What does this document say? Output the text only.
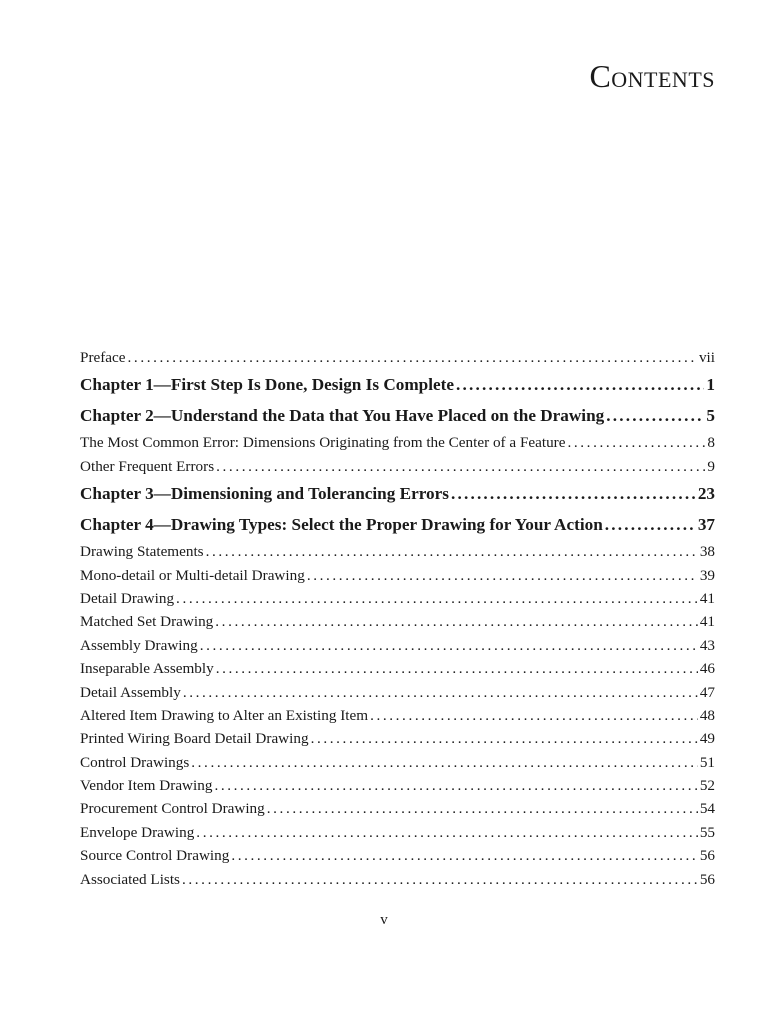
Contents
Preface .....	vii
Chapter 1—First Step Is Done, Design Is Complete .....	1
Chapter 2—Understand the Data that You Have Placed on the Drawing .....	5
The Most Common Error: Dimensions Originating from the Center of a Feature .....	8
Other Frequent Errors .....	9
Chapter 3—Dimensioning and Tolerancing Errors .....	23
Chapter 4—Drawing Types: Select the Proper Drawing for Your Action .....	37
Drawing Statements .....	38
Mono-detail or Multi-detail Drawing .....	39
Detail Drawing .....	41
Matched Set Drawing .....	41
Assembly Drawing .....	43
Inseparable Assembly .....	46
Detail Assembly .....	47
Altered Item Drawing to Alter an Existing Item .....	48
Printed Wiring Board Detail Drawing .....	49
Control Drawings .....	51
Vendor Item Drawing .....	52
Procurement Control Drawing .....	54
Envelope Drawing .....	55
Source Control Drawing .....	56
Associated Lists .....	56
v
